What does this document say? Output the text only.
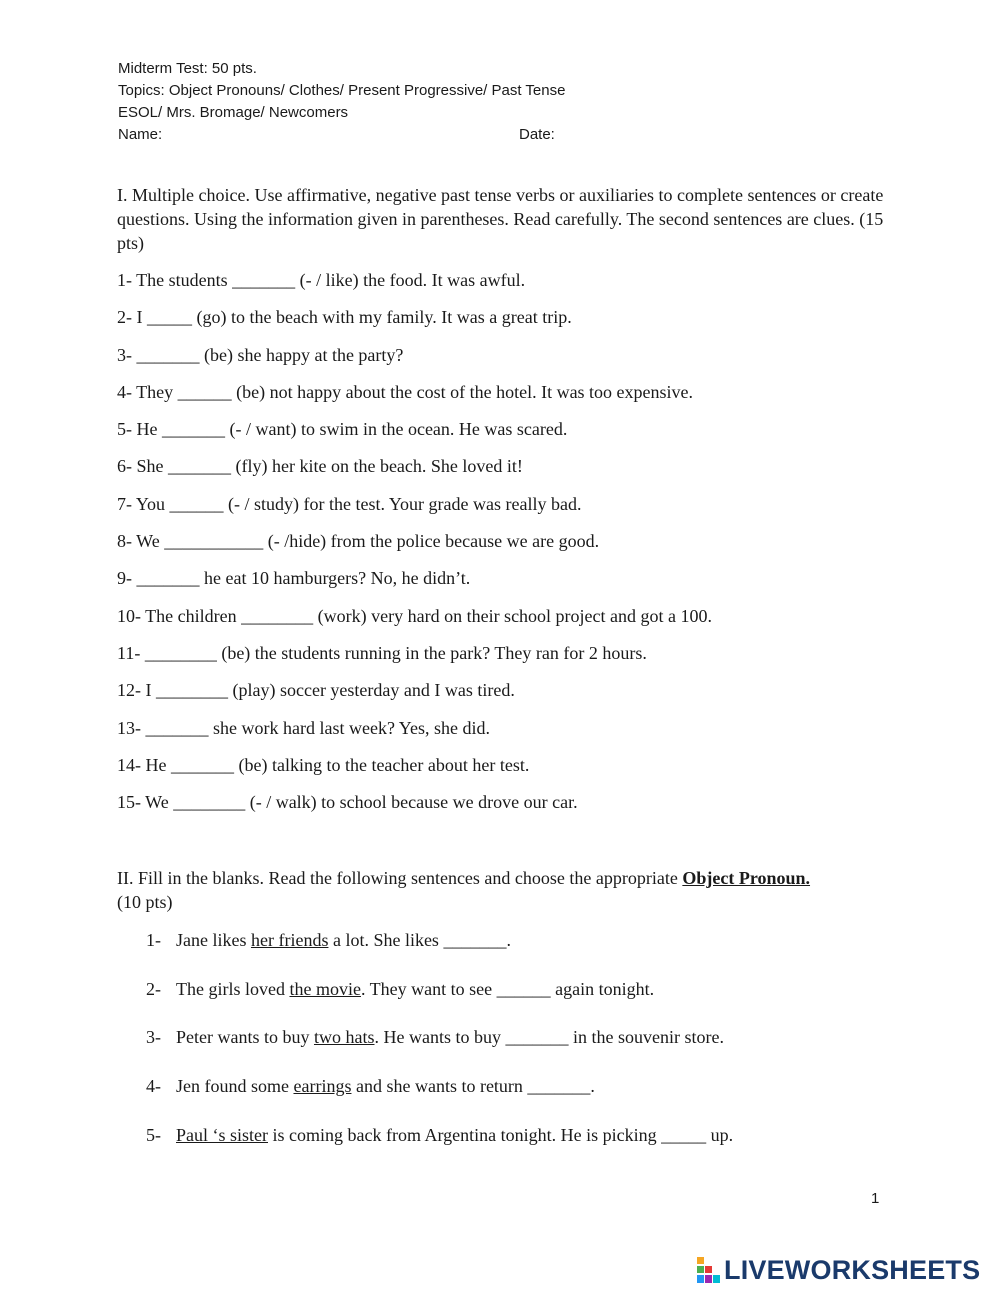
Midterm Test: 50 pts.
Topics: Object Pronouns/ Clothes/ Present Progressive/ Past Tense
ESOL/ Mrs. Bromage/ Newcomers
Name:	Date:

I. Multiple choice. Use affirmative, negative past tense verbs or auxiliaries to complete sentences or create questions. Using the information given in parentheses. Read carefully. The second sentences are clues. (15 pts)

1- The students _______ (- / like) the food. It was awful.

2- I _____ (go) to the beach with my family. It was a great trip.

3- _______ (be) she happy at the party?

4- They ______ (be) not happy about the cost of the hotel. It was too expensive.

5- He _______ (- / want) to swim in the ocean. He was scared.

6- She _______ (fly) her kite on the beach. She loved it!

7- You ______ (- / study) for the test. Your grade was really bad.

8- We ___________ (- /hide) from the police because we are good.

9- _______ he eat 10 hamburgers? No, he didn’t.

10- The children ________ (work) very hard on their school project and got a 100.

11- ________ (be) the students running in the park? They ran for 2 hours.

12- I ________ (play) soccer yesterday and I was tired.

13- _______ she work hard last week? Yes, she did.

14- He _______ (be) talking to the teacher about her test.

15- We ________ (- / walk) to school because we drove our car.

II. Fill in the blanks. Read the following sentences and choose the appropriate Object Pronoun.
(10 pts)
1- Jane likes her friends a lot. She likes _______.
2- The girls loved the movie. They want to see ______ again tonight.
3- Peter wants to buy two hats. He wants to buy _______ in the souvenir store.
4- Jen found some earrings and she wants to return _______.
5- Paul ‘s sister is coming back from Argentina tonight. He is picking _____ up.
1
LIVEWORKSHEETS
